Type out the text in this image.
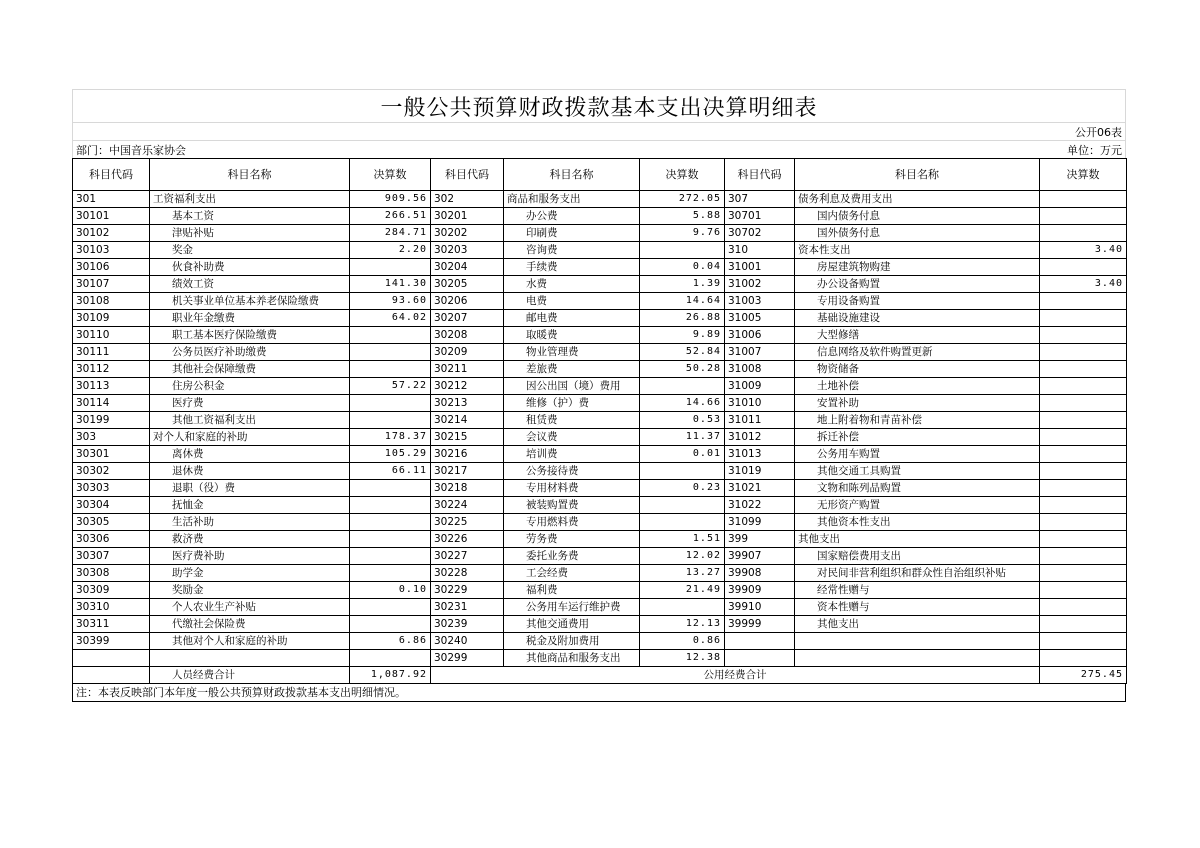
一般公共预算财政拨款基本支出决算明细表
公开06表
部门：中国音乐家协会	单位：万元
科目代码	科目名称	决算数	科目代码	科目名称	决算数	科目代码	科目名称	决算数
301	工资福利支出	909.56	302	商品和服务支出	272.05	307	债务利息及费用支出	
30101	基本工资	266.51	30201	办公费	5.88	30701	国内债务付息	
30102	津贴补贴	284.71	30202	印刷费	9.76	30702	国外债务付息	
30103	奖金	2.20	30203	咨询费		310	资本性支出	3.40
30106	伙食补助费		30204	手续费	0.04	31001	房屋建筑物购建	
30107	绩效工资	141.30	30205	水费	1.39	31002	办公设备购置	3.40
30108	机关事业单位基本养老保险缴费	93.60	30206	电费	14.64	31003	专用设备购置	
30109	职业年金缴费	64.02	30207	邮电费	26.88	31005	基础设施建设	
30110	职工基本医疗保险缴费		30208	取暖费	9.89	31006	大型修缮	
30111	公务员医疗补助缴费		30209	物业管理费	52.84	31007	信息网络及软件购置更新	
30112	其他社会保障缴费		30211	差旅费	50.28	31008	物资储备	
30113	住房公积金	57.22	30212	因公出国（境）费用		31009	土地补偿	
30114	医疗费		30213	维修（护）费	14.66	31010	安置补助	
30199	其他工资福利支出		30214	租赁费	0.53	31011	地上附着物和青苗补偿	
303	对个人和家庭的补助	178.37	30215	会议费	11.37	31012	拆迁补偿	
30301	离休费	105.29	30216	培训费	0.01	31013	公务用车购置	
30302	退休费	66.11	30217	公务接待费		31019	其他交通工具购置	
30303	退职（役）费		30218	专用材料费	0.23	31021	文物和陈列品购置	
30304	抚恤金		30224	被装购置费		31022	无形资产购置	
30305	生活补助		30225	专用燃料费		31099	其他资本性支出	
30306	救济费		30226	劳务费	1.51	399	其他支出	
30307	医疗费补助		30227	委托业务费	12.02	39907	国家赔偿费用支出	
30308	助学金		30228	工会经费	13.27	39908	对民间非营利组织和群众性自治组织补贴	
30309	奖励金	0.10	30229	福利费	21.49	39909	经常性赠与	
30310	个人农业生产补贴		30231	公务用车运行维护费		39910	资本性赠与	
30311	代缴社会保险费		30239	其他交通费用	12.13	39999	其他支出	
30399	其他对个人和家庭的补助	6.86	30240	税金及附加费用	0.86			
			30299	其他商品和服务支出	12.38			
	人员经费合计	1,087.92	公用经费合计					275.45
注：本表反映部门本年度一般公共预算财政拨款基本支出明细情况。
